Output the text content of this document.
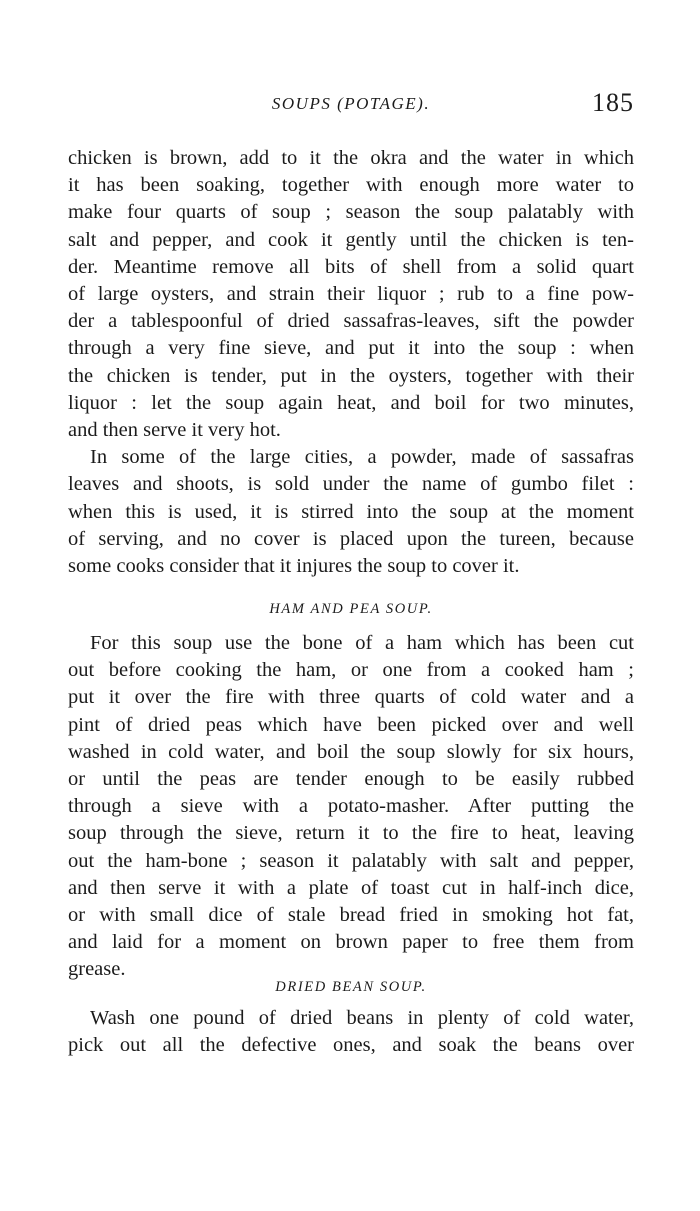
SOUPS (POTAGE).	185
chicken is brown, add to it the okra and the water in which
it has been soaking, together with enough more water to
make four quarts of soup ; season the soup palatably with
salt and pepper, and cook it gently until the chicken is ten-
der. Meantime remove all bits of shell from a solid quart
of large oysters, and strain their liquor ; rub to a fine pow-
der a tablespoonful of dried sassafras-leaves, sift the powder
through a very fine sieve, and put it into the soup : when
the chicken is tender, put in the oysters, together with their
liquor : let the soup again heat, and boil for two minutes,
and then serve it very hot.
In some of the large cities, a powder, made of sassafras
leaves and shoots, is sold under the name of gumbo filet :
when this is used, it is stirred into the soup at the moment
of serving, and no cover is placed upon the tureen, because
some cooks consider that it injures the soup to cover it.
HAM AND PEA SOUP.
For this soup use the bone of a ham which has been cut
out before cooking the ham, or one from a cooked ham ;
put it over the fire with three quarts of cold water and a
pint of dried peas which have been picked over and well
washed in cold water, and boil the soup slowly for six hours,
or until the peas are tender enough to be easily rubbed
through a sieve with a potato-masher. After putting the
soup through the sieve, return it to the fire to heat, leaving
out the ham-bone ; season it palatably with salt and pepper,
and then serve it with a plate of toast cut in half-inch dice,
or with small dice of stale bread fried in smoking hot fat,
and laid for a moment on brown paper to free them from
grease.
DRIED BEAN SOUP.
Wash one pound of dried beans in plenty of cold water,
pick out all the defective ones, and soak the beans over
